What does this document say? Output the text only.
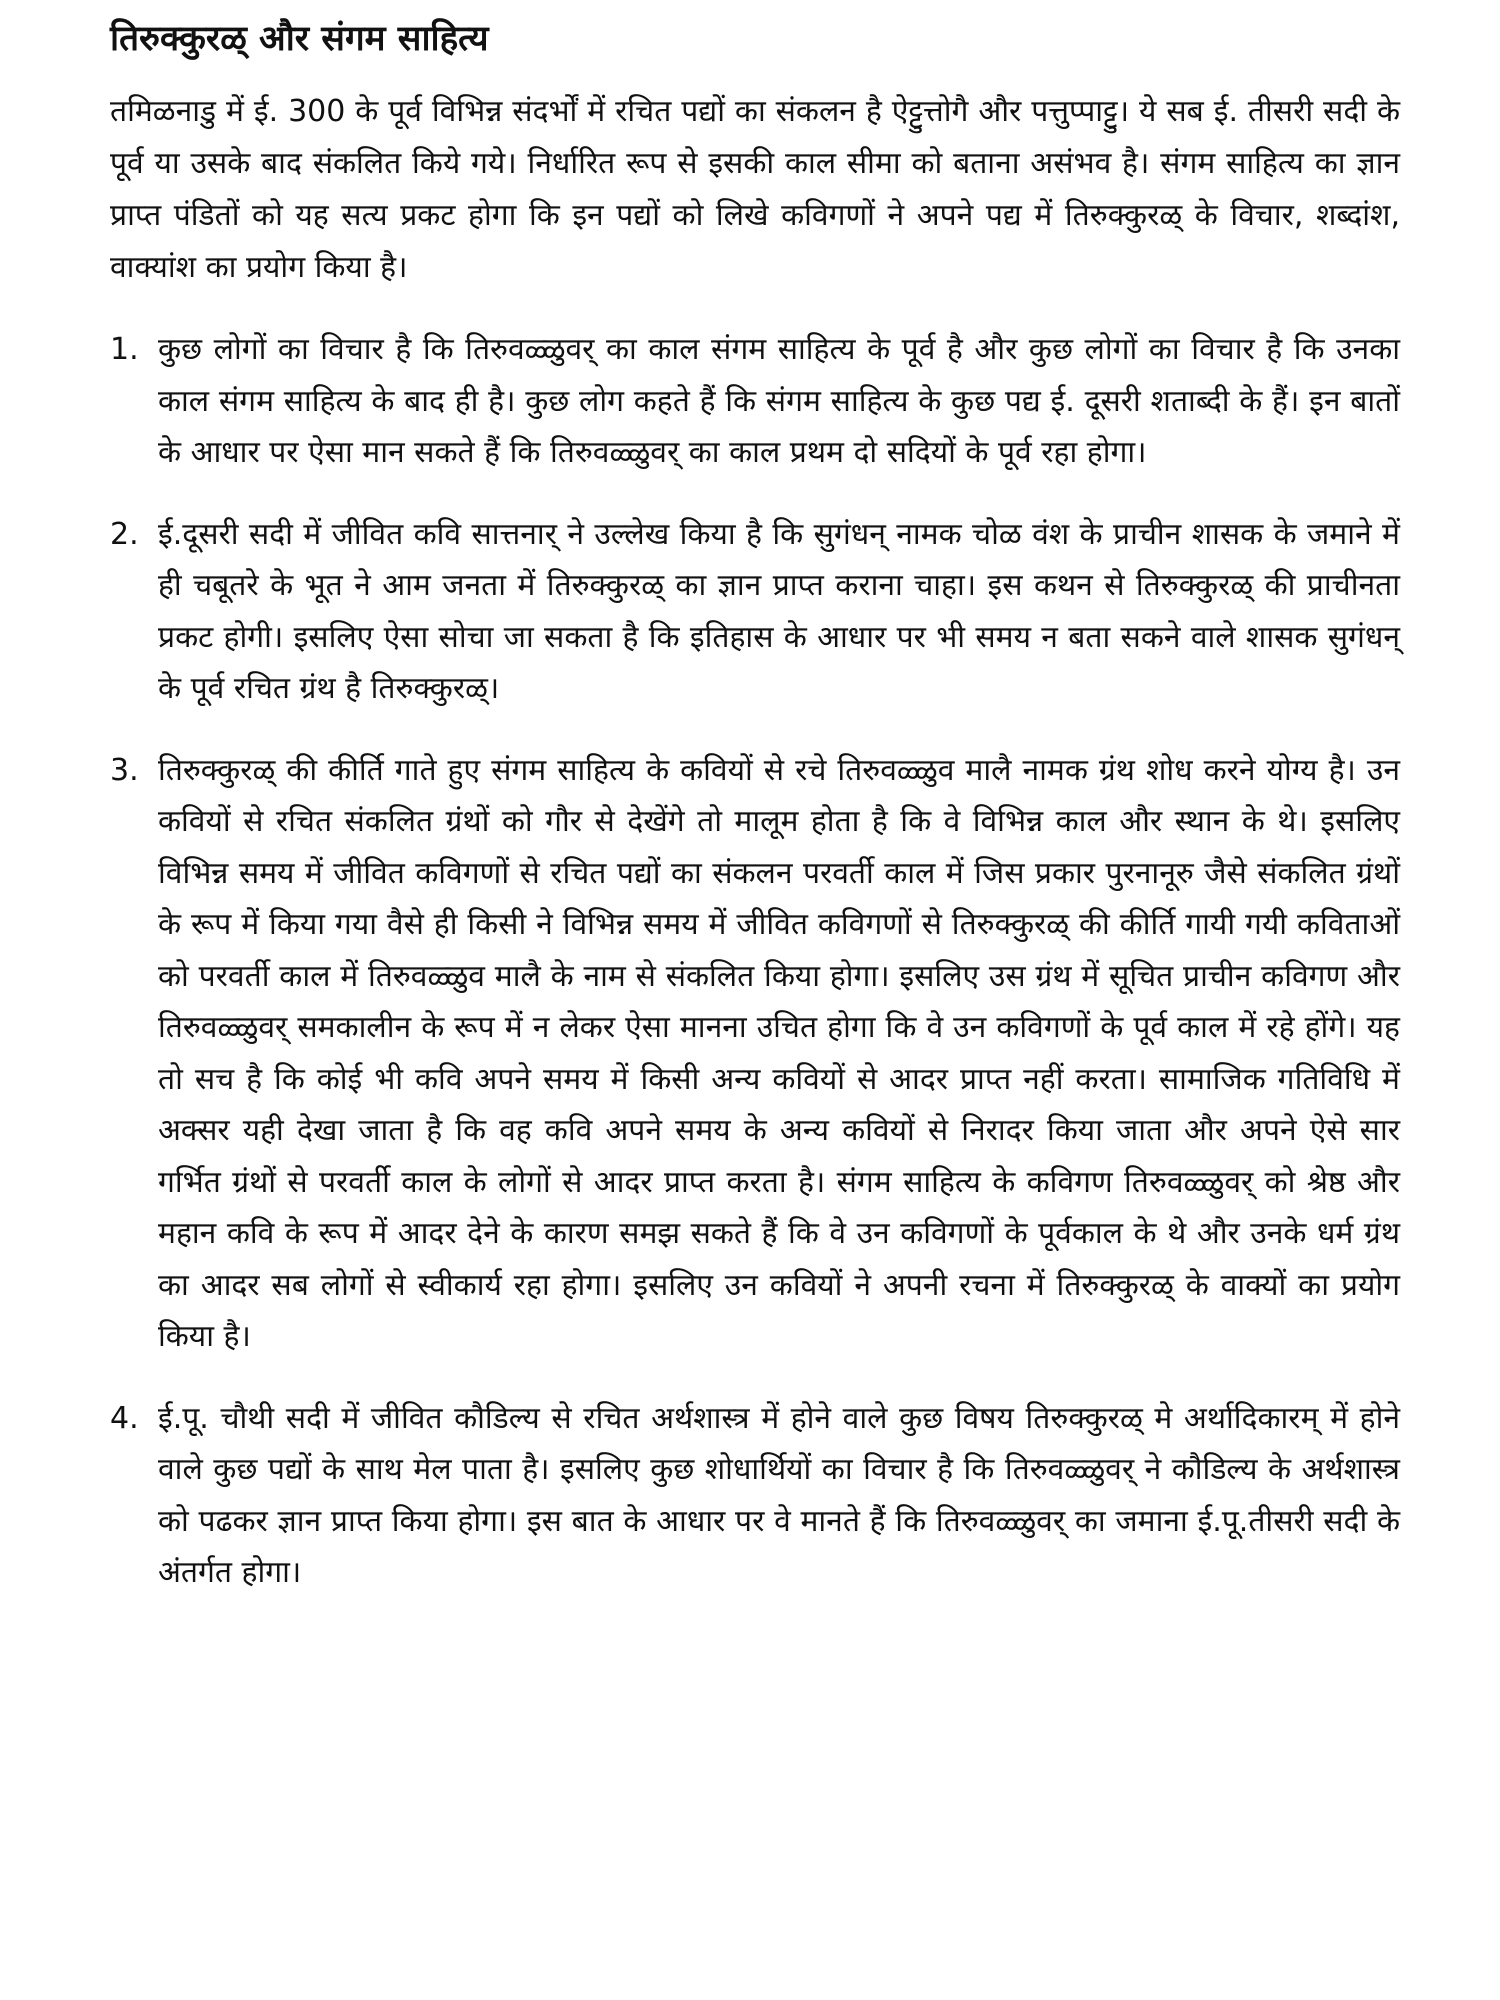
तिरुक्कुरळ् और संगम साहित्य

तमिळनाडु में ई. 300 के पूर्व विभिन्न संदर्भों में रचित पद्यों का संकलन है ऐट्टुत्तोगै और पत्तुप्पाट्टु। ये सब ई. तीसरी सदी के पूर्व या उसके बाद संकलित किये गये। निर्धारित रूप से इसकी काल सीमा को बताना असंभव है। संगम साहित्य का ज्ञान प्राप्त पंडितों को यह सत्य प्रकट होगा कि इन पद्यों को लिखे कविगणों ने अपने पद्य में तिरुक्कुरळ् के विचार, शब्दांश, वाक्यांश का प्रयोग किया है।

1. कुछ लोगों का विचार है कि तिरुवळ्ळुवर् का काल संगम साहित्य के पूर्व है और कुछ लोगों का विचार है कि उनका काल संगम साहित्य के बाद ही है। कुछ लोग कहते हैं कि संगम साहित्य के कुछ पद्य ई. दूसरी शताब्दी के हैं। इन बातों के आधार पर ऐसा मान सकते हैं कि तिरुवळ्ळुवर् का काल प्रथम दो सदियों के पूर्व रहा होगा।
2. ई.दूसरी सदी में जीवित कवि सात्तनार् ने उल्लेख किया है कि सुगंधन् नामक चोळ वंश के प्राचीन शासक के जमाने में ही चबूतरे के भूत ने आम जनता में तिरुक्कुरळ् का ज्ञान प्राप्त कराना चाहा। इस कथन से तिरुक्कुरळ् की प्राचीनता प्रकट होगी। इसलिए ऐसा सोचा जा सकता है कि इतिहास के आधार पर भी समय न बता सकने वाले शासक सुगंधन् के पूर्व रचित ग्रंथ है तिरुक्कुरळ्।
3. तिरुक्कुरळ् की कीर्ति गाते हुए संगम साहित्य के कवियों से रचे तिरुवळ्ळुव मालै नामक ग्रंथ शोध करने योग्य है। उन कवियों से रचित संकलित ग्रंथों को गौर से देखेंगे तो मालूम होता है कि वे विभिन्न काल और स्थान के थे। इसलिए विभिन्न समय में जीवित कविगणों से रचित पद्यों का संकलन परवर्ती काल में जिस प्रकार पुरनानूरु जैसे संकलित ग्रंथों के रूप में किया गया वैसे ही किसी ने विभिन्न समय में जीवित कविगणों से तिरुक्कुरळ् की कीर्ति गायी गयी कविताओं को परवर्ती काल में तिरुवळ्ळुव मालै के नाम से संकलित किया होगा। इसलिए उस ग्रंथ में सूचित प्राचीन कविगण और तिरुवळ्ळुवर् समकालीन के रूप में न लेकर ऐसा मानना उचित होगा कि वे उन कविगणों के पूर्व काल में रहे होंगे। यह तो सच है कि कोई भी कवि अपने समय में किसी अन्य कवियों से आदर प्राप्त नहीं करता। सामाजिक गतिविधि में अक्सर यही देखा जाता है कि वह कवि अपने समय के अन्य कवियों से निरादर किया जाता और अपने ऐसे सार गर्भित ग्रंथों से परवर्ती काल के लोगों से आदर प्राप्त करता है। संगम साहित्य के कविगण तिरुवळ्ळुवर् को श्रेष्ठ और महान कवि के रूप में आदर देने के कारण समझ सकते हैं कि वे उन कविगणों के पूर्वकाल के थे और उनके धर्म ग्रंथ का आदर सब लोगों से स्वीकार्य रहा होगा। इसलिए उन कवियों ने अपनी रचना में तिरुक्कुरळ् के वाक्यों का प्रयोग किया है।
4. ई.पू. चौथी सदी में जीवित कौडिल्य से रचित अर्थशास्त्र में होने वाले कुछ विषय तिरुक्कुरळ् मे अर्थादिकारम् में होने वाले कुछ पद्यों के साथ मेल पाता है। इसलिए कुछ शोधार्थियों का विचार है कि तिरुवळ्ळुवर् ने कौडिल्य के अर्थशास्त्र को पढकर ज्ञान प्राप्त किया होगा। इस बात के आधार पर वे मानते हैं कि तिरुवळ्ळुवर् का जमाना ई.पू.तीसरी सदी के अंतर्गत होगा।
